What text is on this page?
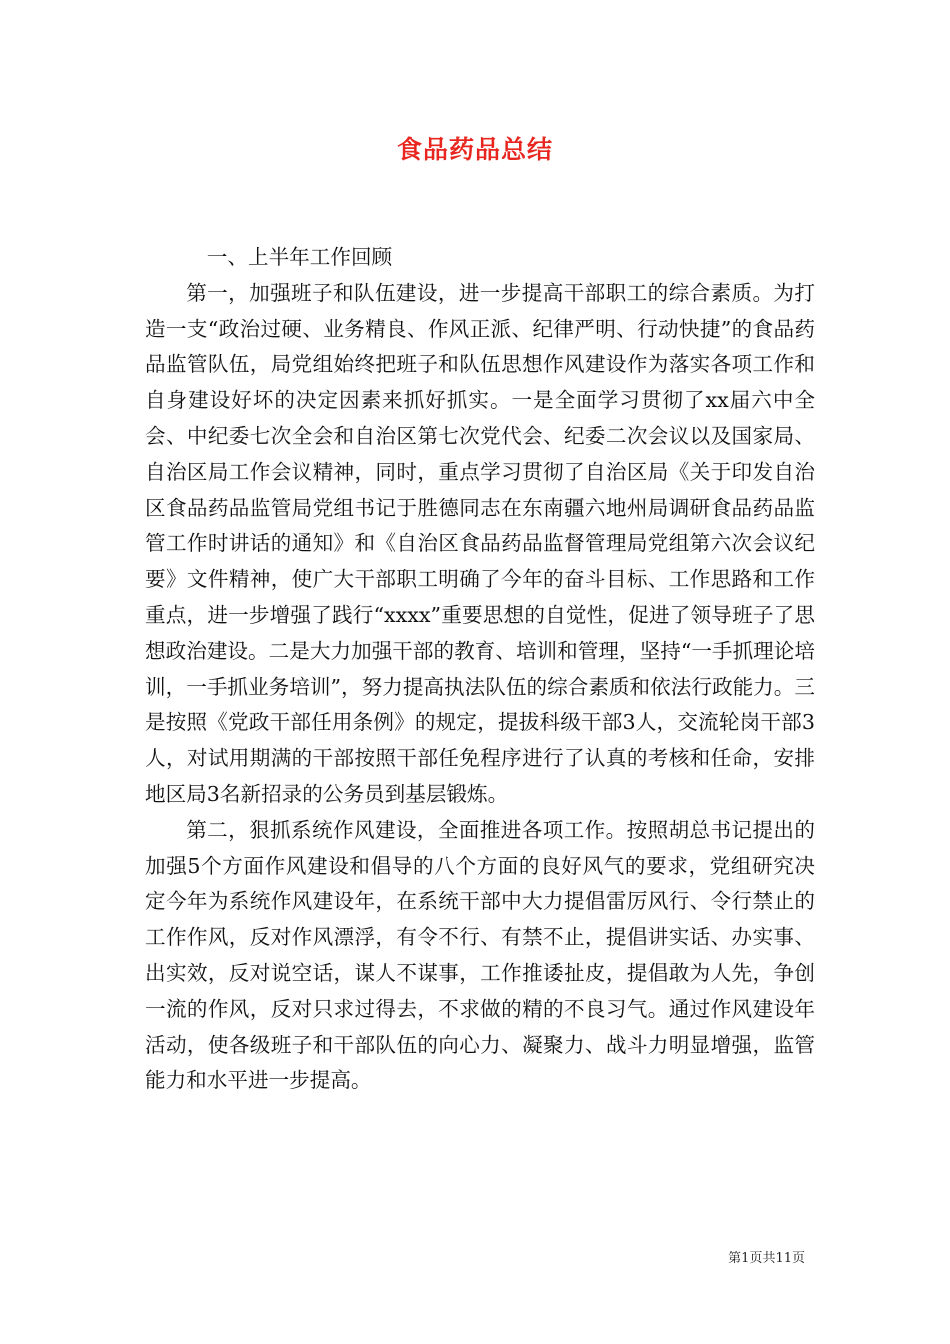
食品药品总结

一、上半年工作回顾

第一，加强班子和队伍建设，进一步提高干部职工的综合素质。为打造一支“政治过硬、业务精良、作风正派、纪律严明、行动快捷”的食品药品监管队伍，局党组始终把班子和队伍思想作风建设作为落实各项工作和自身建设好坏的决定因素来抓好抓实。一是全面学习贯彻了xx届六中全会、中纪委七次全会和自治区第七次党代会、纪委二次会议以及国家局、自治区局工作会议精神，同时，重点学习贯彻了自治区局《关于印发自治区食品药品监管局党组书记于胜德同志在东南疆六地州局调研食品药品监管工作时讲话的通知》和《自治区食品药品监督管理局党组第六次会议纪要》文件精神，使广大干部职工明确了今年的奋斗目标、工作思路和工作重点，进一步增强了践行“xxxx”重要思想的自觉性，促进了领导班子了思想政治建设。二是大力加强干部的教育、培训和管理，坚持“一手抓理论培训，一手抓业务培训”，努力提高执法队伍的综合素质和依法行政能力。三是按照《党政干部任用条例》的规定，提拔科级干部3人，交流轮岗干部3人，对试用期满的干部按照干部任免程序进行了认真的考核和任命，安排地区局3名新招录的公务员到基层锻炼。

第二，狠抓系统作风建设，全面推进各项工作。按照胡总书记提出的加强5个方面作风建设和倡导的八个方面的良好风气的要求，党组研究决定今年为系统作风建设年，在系统干部中大力提倡雷厉风行、令行禁止的工作作风，反对作风漂浮，有令不行、有禁不止，提倡讲实话、办实事、出实效，反对说空话，谋人不谋事，工作推诿扯皮，提倡敢为人先，争创一流的作风，反对只求过得去，不求做的精的不良习气。通过作风建设年活动，使各级班子和干部队伍的向心力、凝聚力、战斗力明显增强，监管能力和水平进一步提高。

第1页共11页
